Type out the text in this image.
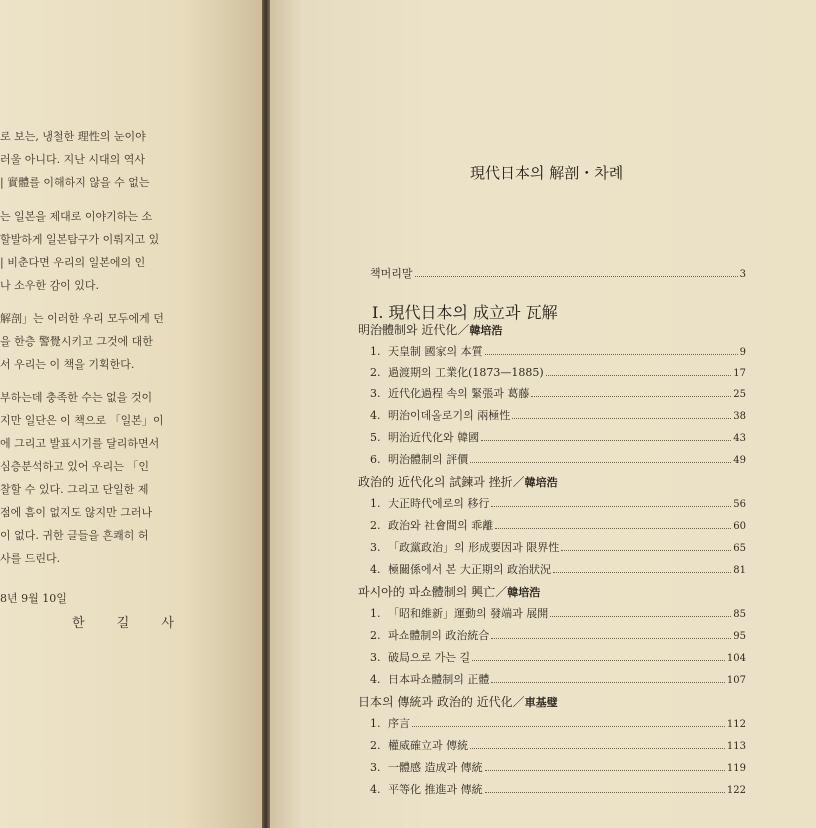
로 보는, 냉철한 理性의 눈이야
러울 아니다. 지난 시대의 역사
| 實體를 이해하지 않을 수 없는
는 일본을 제대로 이야기하는 소
할발하게 일본탐구가 이뤄지고 있
| 비춘다면 우리의 일본에의 인
나 소우한 감이 있다.
解剖」는 이러한 우리 모두에게 던
을 한층 警覺시키고 그것에 대한
서 우리는 이 책을 기획한다.
부하는데 충족한 수는 없을 것이
지만 일단은 이 책으로 「일본」이
에 그리고 발표시기를 달리하면서
심층분석하고 있어 우리는 「인
찰할 수 있다. 그리고 단일한 제
점에 흠이 없지도 않지만 그러나
이 없다. 귀한 글들을 흔쾌히 허
사를 드린다.
8년 9월 10일
한 길 사
現代日本의 解剖・차례
책머리말	3
Ⅰ. 現代日本의 成立과 瓦解
明治體制와 近代化／韓培浩
1. 天皇制 國家의 本質	9
2. 過渡期의 工業化(1873—1885)	17
3. 近代化過程 속의 緊張과 葛藤	25
4. 明治이데올로기의 兩極性	38
5. 明治近代化와 韓國	43
6. 明治體制의 評價	49
政治的 近代化의 試鍊과 挫折／韓培浩
1. 大正時代에로의 移行	56
2. 政治와 社會間의 乖離	60
3. 「政黨政治」의 形成要因과 限界性	65
4. 極關係에서 본 大正期의 政治狀況	81
파시아的 파쇼體制의 興亡／韓培浩
1. 「昭和維新」運動의 發端과 展開	85
2. 파쇼體制의 政治統合	95
3. 破局으로 가는 길	104
4. 日本파쇼體制의 正體	107
日本의 傳統과 政治的 近代化／車基璧
1. 序言	112
2. 權威確立과 傳統	113
3. 一體感 造成과 傳統	119
4. 平等化 推進과 傳統	122
